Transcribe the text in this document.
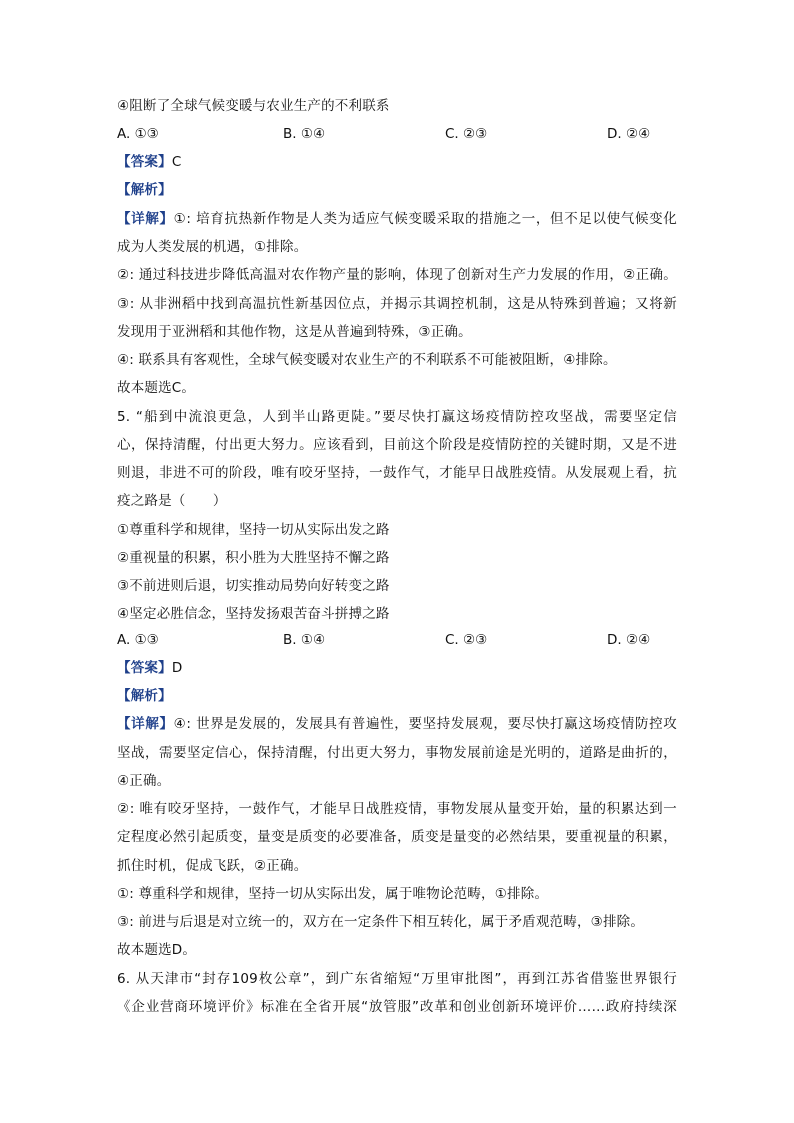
④阻断了全球气候变暖与农业生产的不利联系
A. ①③	B. ①④	C. ②③	D. ②④
【答案】C
【解析】
【详解】①: 培育抗热新作物是人类为适应气候变暖采取的措施之一，但不足以使气候变化
成为人类发展的机遇，①排除。
②: 通过科技进步降低高温对农作物产量的影响，体现了创新对生产力发展的作用，②正确。
③: 从非洲稻中找到高温抗性新基因位点，并揭示其调控机制，这是从特殊到普遍；又将新
发现用于亚洲稻和其他作物，这是从普遍到特殊，③正确。
④: 联系具有客观性，全球气候变暖对农业生产的不利联系不可能被阻断，④排除。
故本题选C。
5. “船到中流浪更急，人到半山路更陡。”要尽快打赢这场疫情防控攻坚战，需要坚定信
心，保持清醒，付出更大努力。应该看到，目前这个阶段是疫情防控的关键时期，又是不进
则退，非进不可的阶段，唯有咬牙坚持，一鼓作气，才能早日战胜疫情。从发展观上看，抗
疫之路是（　　）
①尊重科学和规律，坚持一切从实际出发之路
②重视量的积累，积小胜为大胜坚持不懈之路
③不前进则后退，切实推动局势向好转变之路
④坚定必胜信念，坚持发扬艰苦奋斗拼搏之路
A. ①③	B. ①④	C. ②③	D. ②④
【答案】D
【解析】
【详解】④: 世界是发展的，发展具有普遍性，要坚持发展观，要尽快打赢这场疫情防控攻
坚战，需要坚定信心，保持清醒，付出更大努力，事物发展前途是光明的，道路是曲折的，
④正确。
②: 唯有咬牙坚持，一鼓作气，才能早日战胜疫情，事物发展从量变开始，量的积累达到一
定程度必然引起质变，量变是质变的必要准备，质变是量变的必然结果，要重视量的积累，
抓住时机，促成飞跃，②正确。
①: 尊重科学和规律，坚持一切从实际出发，属于唯物论范畴，①排除。
③: 前进与后退是对立统一的，双方在一定条件下相互转化，属于矛盾观范畴，③排除。
故本题选D。
6. 从天津市“封存109枚公章”，到广东省缩短“万里审批图”，再到江苏省借鉴世界银行
《企业营商环境评价》标准在全省开展“放管服”改革和创业创新环境评价……政府持续深
